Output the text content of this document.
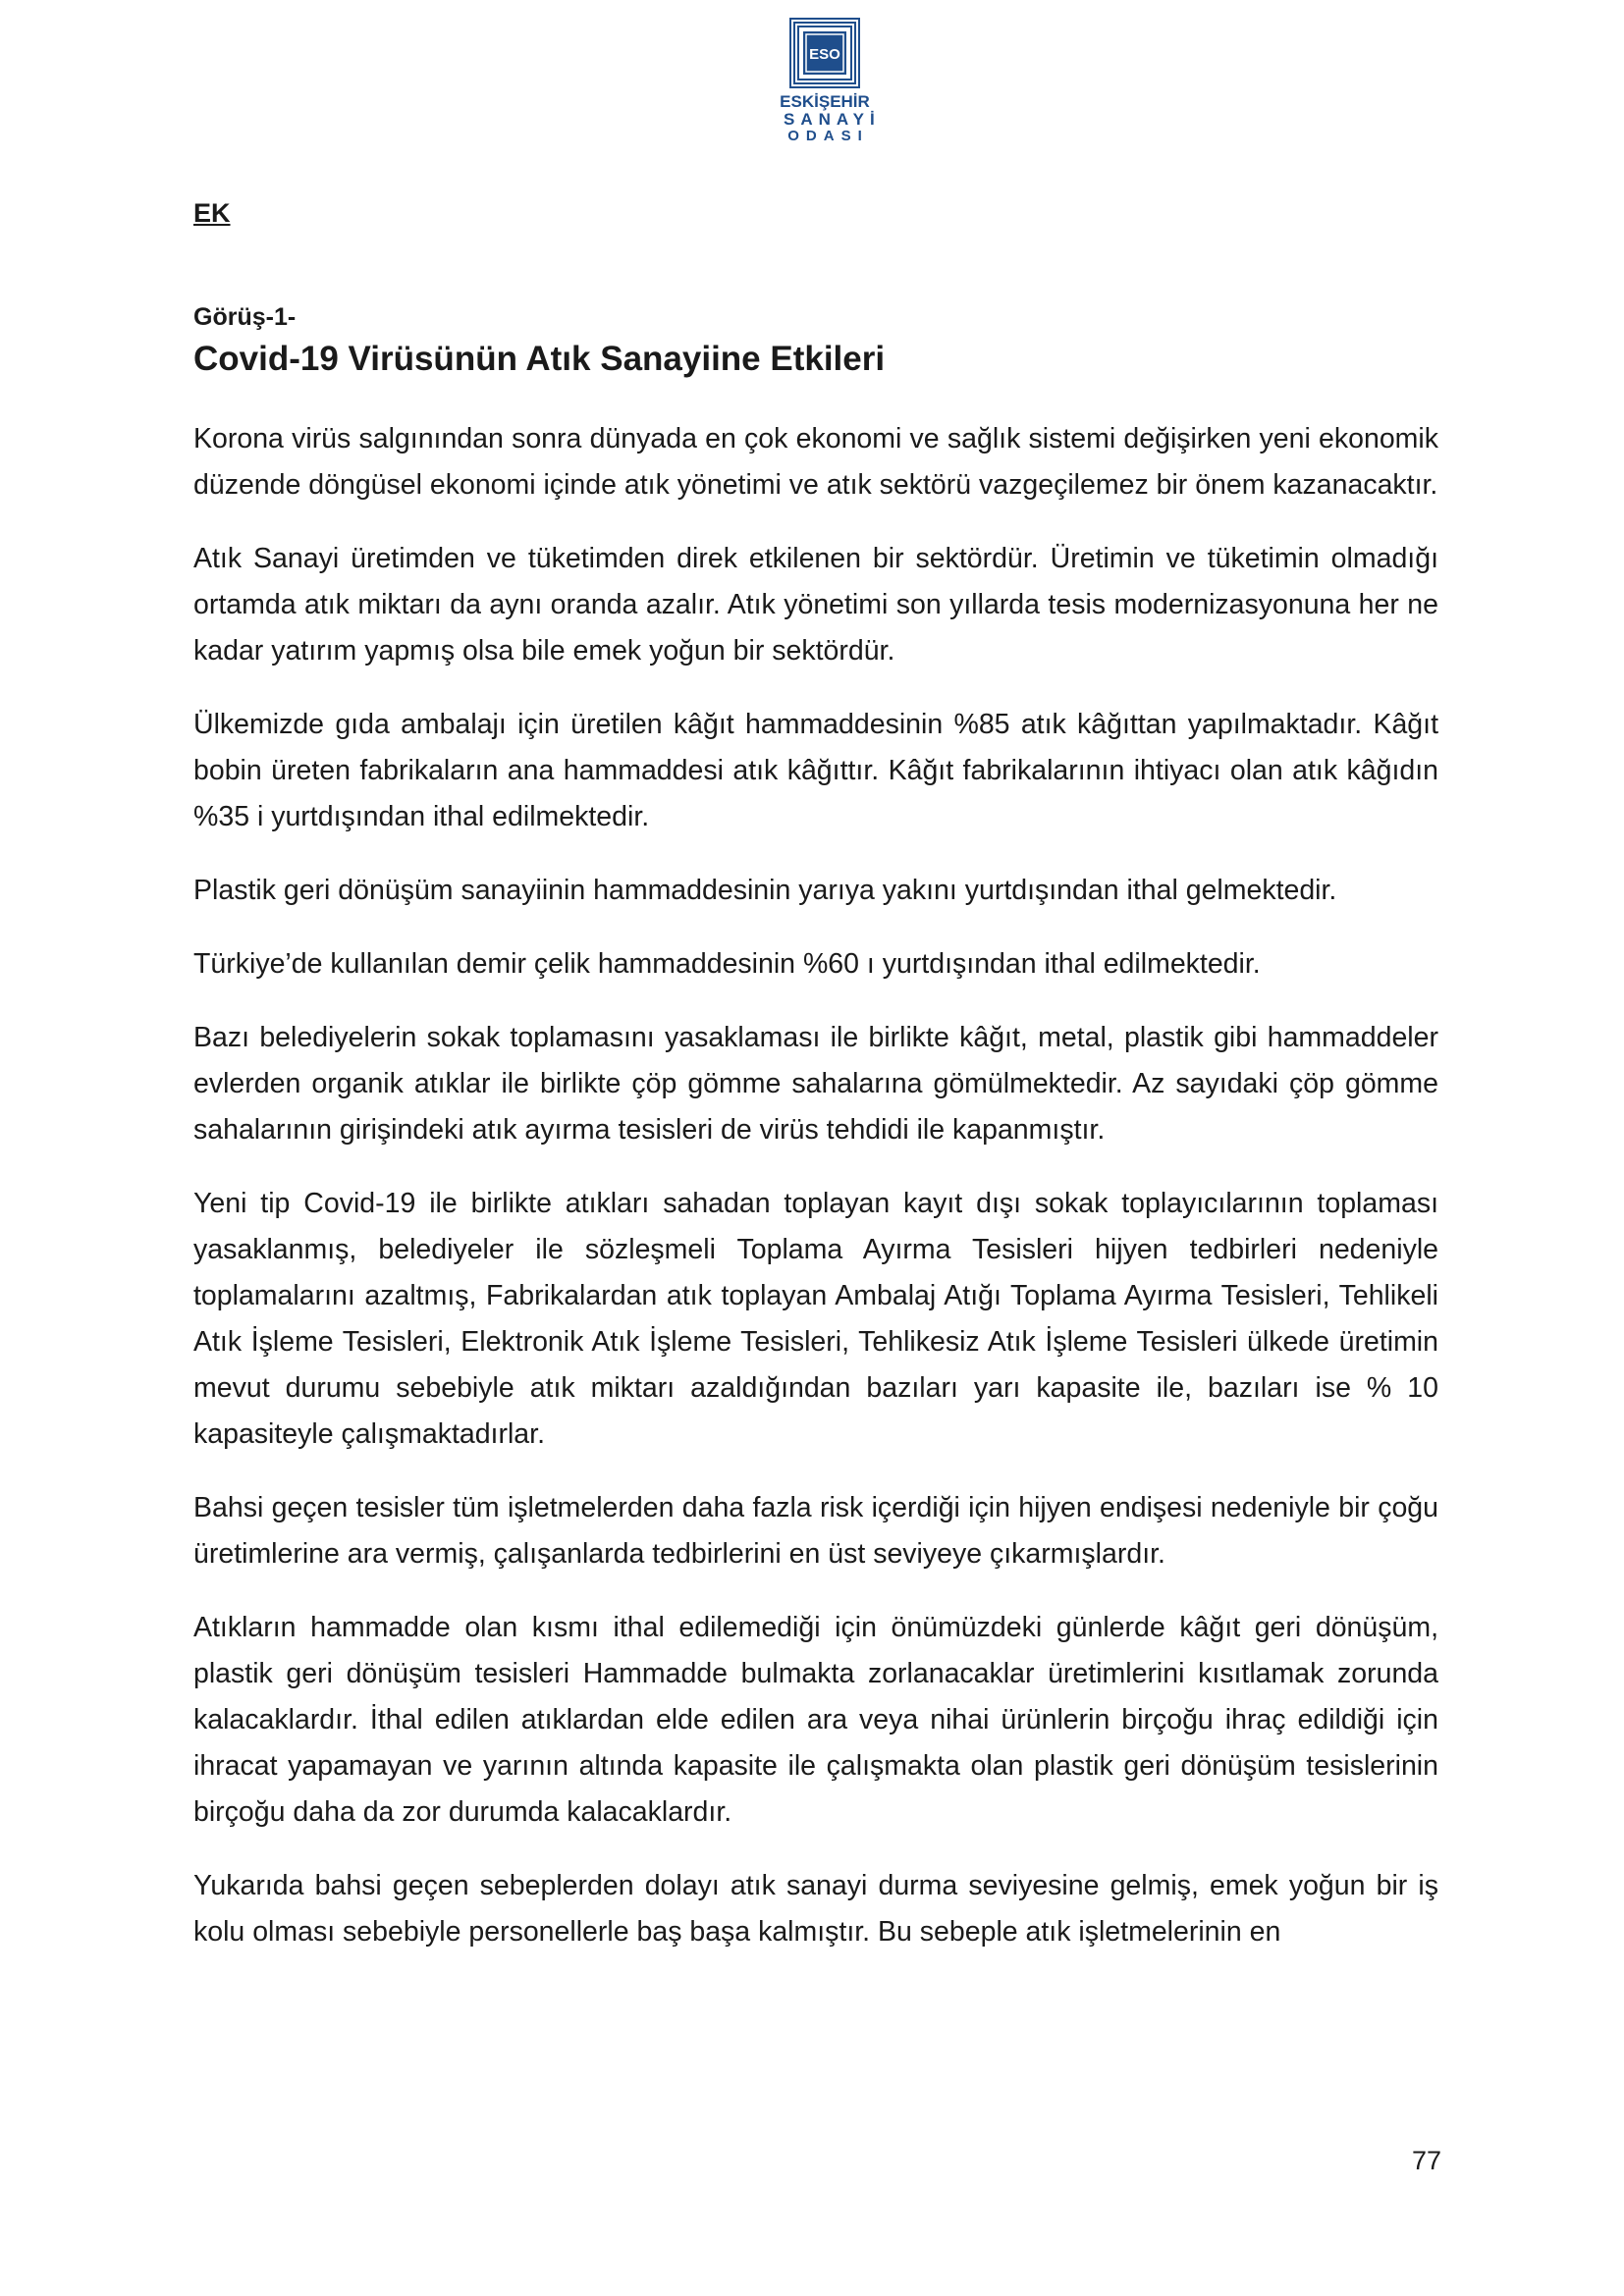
ESO
ESKİŞEHİR
SANAYİ
ODASI

EK

Görüş-1-

Covid-19 Virüsünün Atık Sanayiine Etkileri

Korona virüs salgınından sonra dünyada en çok ekonomi ve sağlık sistemi değişirken yeni ekonomik düzende döngüsel ekonomi içinde atık yönetimi ve atık sektörü vazgeçilemez bir önem kazanacaktır.

Atık Sanayi üretimden ve tüketimden direk etkilenen bir sektördür. Üretimin ve tüketimin olmadığı ortamda atık miktarı da aynı oranda azalır. Atık yönetimi son yıllarda tesis modernizasyonuna her ne kadar yatırım yapmış olsa bile emek yoğun bir sektördür.

Ülkemizde gıda ambalajı için üretilen kâğıt hammaddesinin %85 atık kâğıttan yapılmaktadır. Kâğıt bobin üreten fabrikaların ana hammaddesi atık kâğıttır. Kâğıt fabrikalarının ihtiyacı olan atık kâğıdın %35 i yurtdışından ithal edilmektedir.

Plastik geri dönüşüm sanayiinin hammaddesinin yarıya yakını yurtdışından ithal gelmektedir.

Türkiye’de kullanılan demir çelik hammaddesinin %60 ı yurtdışından ithal edilmektedir.

Bazı belediyelerin sokak toplamasını yasaklaması ile birlikte kâğıt, metal, plastik gibi hammaddeler evlerden organik atıklar ile birlikte çöp gömme sahalarına gömülmektedir. Az sayıdaki çöp gömme sahalarının girişindeki atık ayırma tesisleri de virüs tehdidi ile kapanmıştır.

Yeni tip Covid-19 ile birlikte atıkları sahadan toplayan kayıt dışı sokak toplayıcılarının toplaması yasaklanmış, belediyeler ile sözleşmeli Toplama Ayırma Tesisleri hijyen tedbirleri nedeniyle toplamalarını azaltmış, Fabrikalardan atık toplayan Ambalaj Atığı Toplama Ayırma Tesisleri, Tehlikeli Atık İşleme Tesisleri, Elektronik Atık İşleme Tesisleri, Tehlikesiz Atık İşleme Tesisleri ülkede üretimin mevut durumu sebebiyle atık miktarı azaldığından bazıları yarı kapasite ile, bazıları ise % 10 kapasiteyle çalışmaktadırlar.

Bahsi geçen tesisler tüm işletmelerden daha fazla risk içerdiği için hijyen endişesi nedeniyle bir çoğu üretimlerine ara vermiş, çalışanlarda tedbirlerini en üst seviyeye çıkarmışlardır.

Atıkların hammadde olan kısmı ithal edilemediği için önümüzdeki günlerde kâğıt geri dönüşüm, plastik geri dönüşüm tesisleri Hammadde bulmakta zorlanacaklar üretimlerini kısıtlamak zorunda kalacaklardır. İthal edilen atıklardan elde edilen ara veya nihai ürünlerin birçoğu ihraç edildiği için ihracat yapamayan ve yarının altında kapasite ile çalışmakta olan plastik geri dönüşüm tesislerinin birçoğu daha da zor durumda kalacaklardır.

Yukarıda bahsi geçen sebeplerden dolayı atık sanayi durma seviyesine gelmiş, emek yoğun bir iş kolu olması sebebiyle personellerle baş başa kalmıştır. Bu sebeple atık işletmelerinin en

77
